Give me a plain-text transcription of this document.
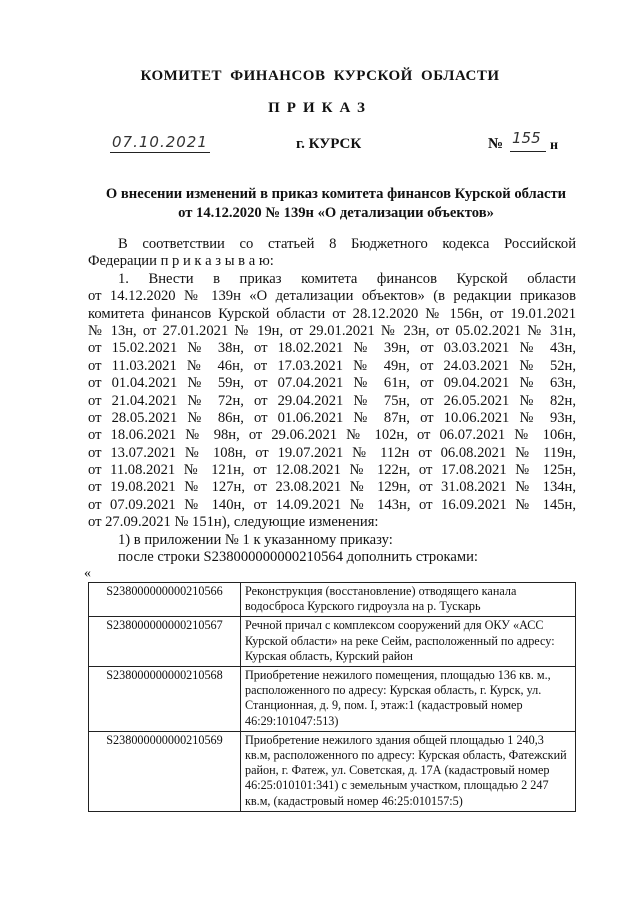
КОМИТЕТ ФИНАНСОВ КУРСКОЙ ОБЛАСТИ
ПРИКАЗ
07.10.2021	г. КУРСК	№ 155 н
О внесении изменений в приказ комитета финансов Курской области
от 14.12.2020 № 139н «О детализации объектов»
В соответствии со статьей 8 Бюджетного кодекса Российской
Федерации п р и к а з ы в а ю:
1. Внести в приказ комитета финансов Курской области
от 14.12.2020 № 139н «О детализации объектов» (в редакции приказов
комитета финансов Курской области от 28.12.2020 № 156н, от 19.01.2021
№ 13н, от 27.01.2021 № 19н, от 29.01.2021 № 23н, от 05.02.2021 № 31н,
от 15.02.2021 № 38н, от 18.02.2021 № 39н, от 03.03.2021 № 43н,
от 11.03.2021 № 46н, от 17.03.2021 № 49н, от 24.03.2021 № 52н,
от 01.04.2021 № 59н, от 07.04.2021 № 61н, от 09.04.2021 № 63н,
от 21.04.2021 № 72н, от 29.04.2021 № 75н, от 26.05.2021 № 82н,
от 28.05.2021 № 86н, от 01.06.2021 № 87н, от 10.06.2021 № 93н,
от 18.06.2021 № 98н, от 29.06.2021 № 102н, от 06.07.2021 № 106н,
от 13.07.2021 № 108н, от 19.07.2021 № 112н от 06.08.2021 № 119н,
от 11.08.2021 № 121н, от 12.08.2021 № 122н, от 17.08.2021 № 125н,
от 19.08.2021 № 127н, от 23.08.2021 № 129н, от 31.08.2021 № 134н,
от 07.09.2021 № 140н, от 14.09.2021 № 143н, от 16.09.2021 № 145н,
от 27.09.2021 № 151н), следующие изменения:
1) в приложении № 1 к указанному приказу:
после строки S238000000000210564 дополнить строками:
«
S238000000000210566	Реконструкция (восстановление) отводящего канала водосброса Курского гидроузла на р. Тускарь
S238000000000210567	Речной причал с комплексом сооружений для ОКУ «АСС Курской области» на реке Сейм, расположенный по адресу: Курская область, Курский район
S238000000000210568	Приобретение нежилого помещения, площадью 136 кв. м., расположенного по адресу: Курская область, г. Курск, ул. Станционная, д. 9, пом. I, этаж:1 (кадастровый номер 46:29:101047:513)
S238000000000210569	Приобретение нежилого здания общей площадью 1 240,3 кв.м, расположенного по адресу: Курская область, Фатежский район, г. Фатеж, ул. Советская, д. 17А (кадастровый номер 46:25:010101:341) с земельным участком, площадью 2 247 кв.м, (кадастровый номер 46:25:010157:5)
